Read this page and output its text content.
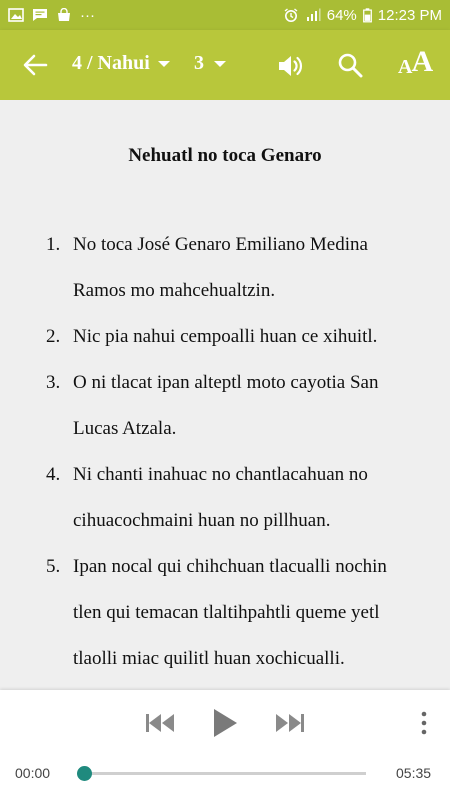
···	64% 12:23 PM
4 / Nahui 3	A A
Nehuatl no toca Genaro
1. No toca José Genaro Emiliano Medina Ramos mo mahcehualtzin.
2. Nic pia nahui cempoalli huan ce xihuitl.
3. O ni tlacat ipan alteptl moto cayotia San Lucas Atzala.
4. Ni chanti inahuac no chantlacahuan no cihuacochmaini huan no pillhuan.
5. Ipan nocal qui chihchuan tlacualli nochin tlen qui temacan tlaltihpahtli queme yetl tlaolli miac quilitl huan xochicualli.
00:00	05:35
